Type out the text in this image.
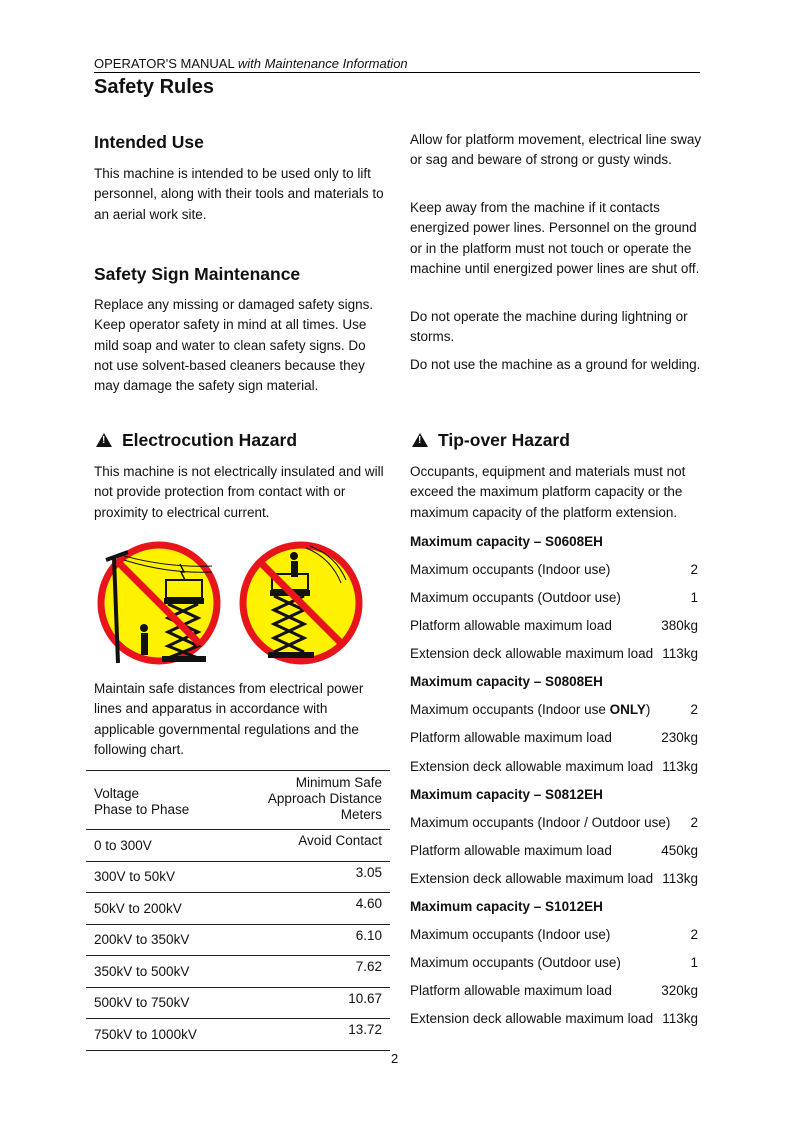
OPERATOR'S MANUAL with Maintenance Information
Safety Rules
Intended Use
This machine is intended to be used only to lift personnel, along with their tools and materials to an aerial work site.
Safety Sign Maintenance
Replace any missing or damaged safety signs. Keep operator safety in mind at all times. Use mild soap and water to clean safety signs. Do not use solvent-based cleaners because they may damage the safety sign material.
!Electrocution Hazard
This machine is not electrically insulated and will not provide protection from contact with or proximity to electrical current.
Maintain safe distances from electrical power lines and apparatus in accordance with applicable governmental regulations and the following chart.
Voltage
Phase to Phase	Minimum Safe
Approach Distance
Meters
0 to 300V	Avoid Contact
300V to 50kV	3.05
50kV to 200kV	4.60
200kV to 350kV	6.10
350kV to 500kV	7.62
500kV to 750kV	10.67
750kV to 1000kV	13.72
Allow for platform movement, electrical line sway or sag and beware of strong or gusty winds.
Keep away from the machine if it contacts energized power lines. Personnel on the ground or in the platform must not touch or operate the machine until energized power lines are shut off.
Do not operate the machine during lightning or storms.
Do not use the machine as a ground for welding.
!Tip-over Hazard
Occupants, equipment and materials must not exceed the maximum platform capacity or the maximum capacity of the platform extension.
Maximum capacity – S0608EH
Maximum occupants (Indoor use)	2
Maximum occupants (Outdoor use)	1
Platform allowable maximum load	380kg
Extension deck allowable maximum load 113kg
Maximum capacity – S0808EH
Maximum occupants (Indoor use ONLY)	2
Platform allowable maximum load	230kg
Extension deck allowable maximum load 113kg
Maximum capacity – S0812EH
Maximum occupants (Indoor / Outdoor use) 2
Platform allowable maximum load	450kg
Extension deck allowable maximum load 113kg
Maximum capacity – S1012EH
Maximum occupants (Indoor use)	2
Maximum occupants (Outdoor use)	1
Platform allowable maximum load	320kg
Extension deck allowable maximum load 113kg
2
